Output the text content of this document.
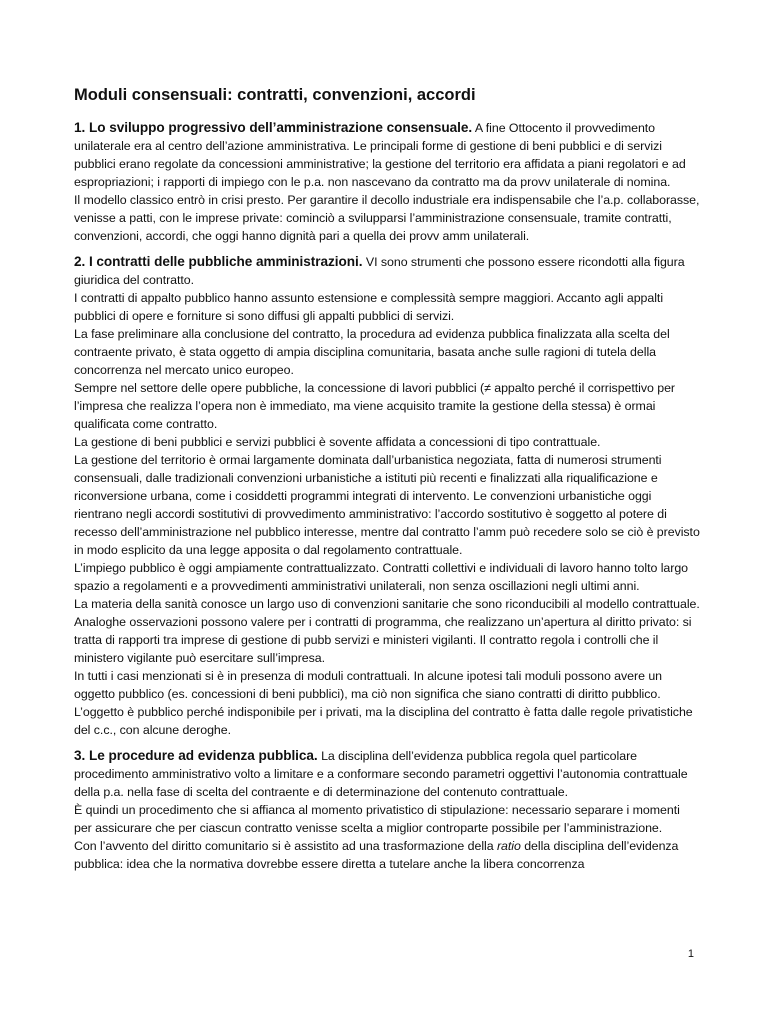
Moduli consensuali: contratti, convenzioni, accordi

1. Lo sviluppo progressivo dell’amministrazione consensuale. A fine Ottocento il provvedimento unilaterale era al centro dell’azione amministrativa. Le principali forme di gestione di beni pubblici e di servizi pubblici erano regolate da concessioni amministrative; la gestione del territorio era affidata a piani regolatori e ad espropriazioni; i rapporti di impiego con le p.a. non nascevano da contratto ma da provv unilaterale di nomina.

Il modello classico entrò in crisi presto. Per garantire il decollo industriale era indispensabile che l’a.p. collaborasse, venisse a patti, con le imprese private: cominciò a svilupparsi l’amministrazione consensuale, tramite contratti, convenzioni, accordi, che oggi hanno dignità pari a quella dei provv amm unilaterali.

2. I contratti delle pubbliche amministrazioni. VI sono strumenti che possono essere ricondotti alla figura giuridica del contratto.

I contratti di appalto pubblico hanno assunto estensione e complessità sempre maggiori. Accanto agli appalti pubblici di opere e forniture si sono diffusi gli appalti pubblici di servizi.

La fase preliminare alla conclusione del contratto, la procedura ad evidenza pubblica finalizzata alla scelta del contraente privato, è stata oggetto di ampia disciplina comunitaria, basata anche sulle ragioni di tutela della concorrenza nel mercato unico europeo.

Sempre nel settore delle opere pubbliche, la concessione di lavori pubblici (≠ appalto perché il corrispettivo per l’impresa che realizza l’opera non è immediato, ma viene acquisito tramite la gestione della stessa) è ormai qualificata come contratto.

La gestione di beni pubblici e servizi pubblici è sovente affidata a concessioni di tipo contrattuale.

La gestione del territorio è ormai largamente dominata dall’urbanistica negoziata, fatta di numerosi strumenti consensuali, dalle tradizionali convenzioni urbanistiche a istituti più recenti e finalizzati alla riqualificazione e riconversione urbana, come i cosiddetti programmi integrati di intervento. Le convenzioni urbanistiche oggi rientrano negli accordi sostitutivi di provvedimento amministrativo: l’accordo sostitutivo è soggetto al potere di recesso dell’amministrazione nel pubblico interesse, mentre dal contratto l’amm può recedere solo se ciò è previsto in modo esplicito da una legge apposita o dal regolamento contrattuale.

L’impiego pubblico è oggi ampiamente contrattualizzato. Contratti collettivi e individuali di lavoro hanno tolto largo spazio a regolamenti e a provvedimenti amministrativi unilaterali, non senza oscillazioni negli ultimi anni.

La materia della sanità conosce un largo uso di convenzioni sanitarie che sono riconducibili al modello contrattuale.

Analoghe osservazioni possono valere per i contratti di programma, che realizzano un’apertura al diritto privato: si tratta di rapporti tra imprese di gestione di pubb servizi e ministeri vigilanti. Il contratto regola i controlli che il ministero vigilante può esercitare sull’impresa.

In tutti i casi menzionati si è in presenza di moduli contrattuali. In alcune ipotesi tali moduli possono avere un oggetto pubblico (es. concessioni di beni pubblici), ma ciò non significa che siano contratti di diritto pubblico. L’oggetto è pubblico perché indisponibile per i privati, ma la disciplina del contratto è fatta dalle regole privatistiche del c.c., con alcune deroghe.

3. Le procedure ad evidenza pubblica. La disciplina dell’evidenza pubblica regola quel particolare procedimento amministrativo volto a limitare e a conformare secondo parametri oggettivi l’autonomia contrattuale della p.a. nella fase di scelta del contraente e di determinazione del contenuto contrattuale.

È quindi un procedimento che si affianca al momento privatistico di stipulazione: necessario separare i momenti per assicurare che per ciascun contratto venisse scelta a miglior controparte possibile per l’amministrazione.

Con l’avvento del diritto comunitario si è assistito ad una trasformazione della ratio della disciplina dell’evidenza pubblica: idea che la normativa dovrebbe essere diretta a tutelare anche la libera concorrenza

1
